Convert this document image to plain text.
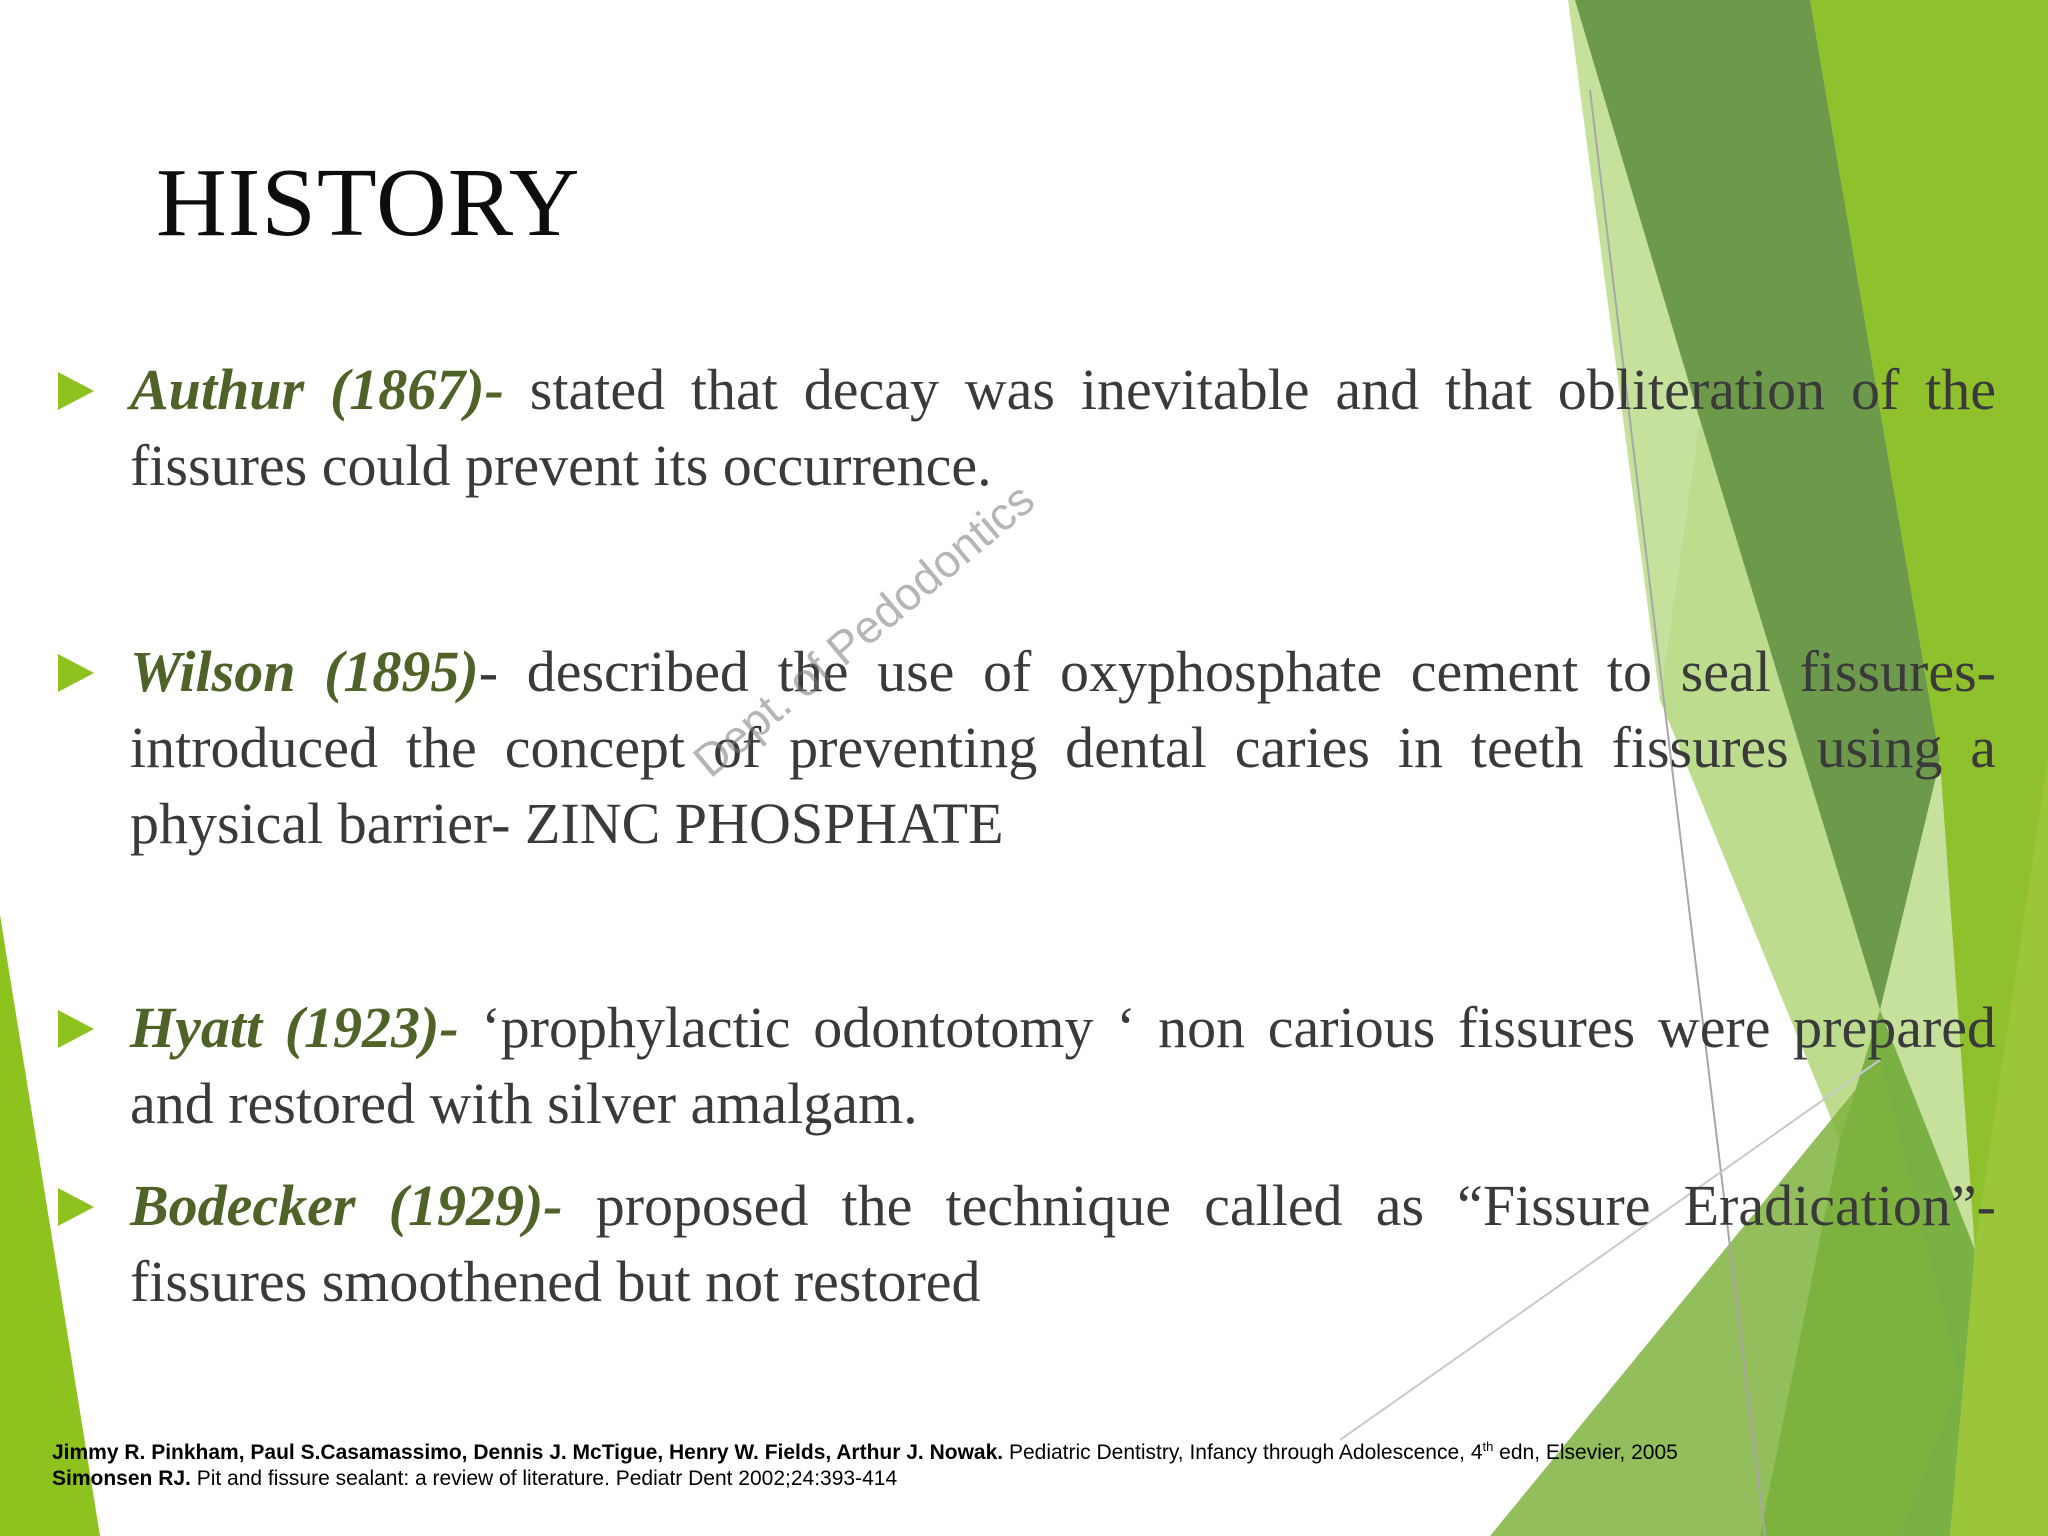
HISTORY
Authur (1867)- stated that decay was inevitable and that obliteration of the fissures could prevent its occurrence.
Wilson (1895)- described the use of oxyphosphate cement to seal fissures- introduced the concept of preventing dental caries in teeth fissures using a physical barrier- ZINC PHOSPHATE
Hyatt (1923)- ‘prophylactic odontotomy ‘ non carious fissures were prepared and restored with silver amalgam.
Bodecker (1929)- proposed the technique called as “Fissure Eradication”- fissures smoothened but not restored
Dept. of Pedodontics
Jimmy R. Pinkham, Paul S.Casamassimo, Dennis J. McTigue, Henry W. Fields, Arthur J. Nowak. Pediatric Dentistry, Infancy through Adolescence, 4th edn, Elsevier, 2005
Simonsen RJ. Pit and fissure sealant: a review of literature. Pediatr Dent 2002;24:393-414
